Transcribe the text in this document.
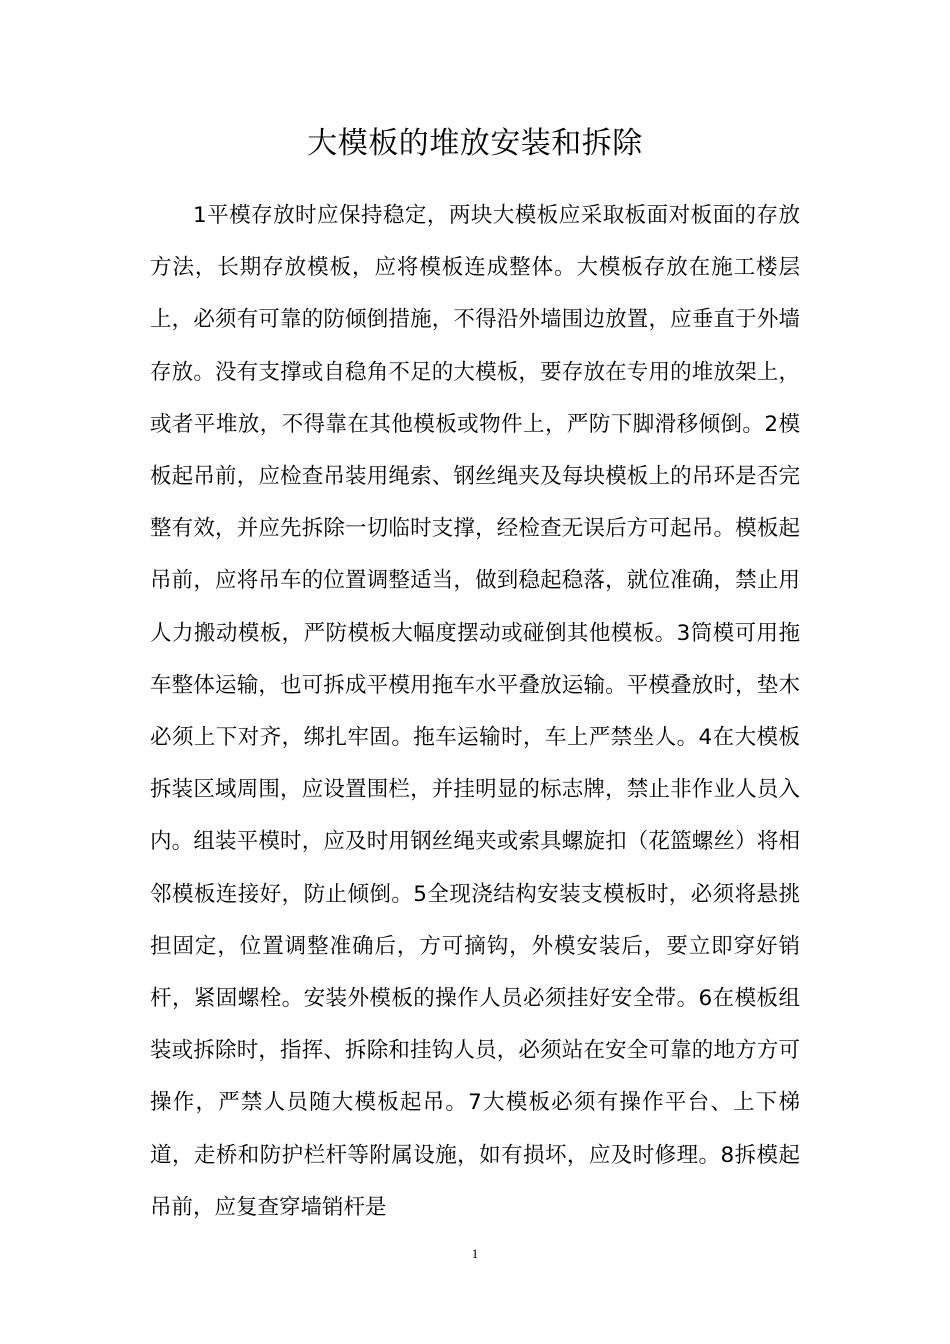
大模板的堆放安装和拆除

1平模存放时应保持稳定，两块大模板应采取板面对板面的存放方法，长期存放模板，应将模板连成整体。大模板存放在施工楼层上，必须有可靠的防倾倒措施，不得沿外墙围边放置，应垂直于外墙存放。没有支撑或自稳角不足的大模板，要存放在专用的堆放架上，或者平堆放，不得靠在其他模板或物件上，严防下脚滑移倾倒。2模板起吊前，应检查吊装用绳索、钢丝绳夹及每块模板上的吊环是否完整有效，并应先拆除一切临时支撑，经检查无误后方可起吊。模板起吊前，应将吊车的位置调整适当，做到稳起稳落，就位准确，禁止用人力搬动模板，严防模板大幅度摆动或碰倒其他模板。3筒模可用拖车整体运输，也可拆成平模用拖车水平叠放运输。平模叠放时，垫木必须上下对齐，绑扎牢固。拖车运输时，车上严禁坐人。4在大模板拆装区域周围，应设置围栏，并挂明显的标志牌，禁止非作业人员入内。组装平模时，应及时用钢丝绳夹或索具螺旋扣（花篮螺丝）将相邻模板连接好，防止倾倒。5全现浇结构安装支模板时，必须将悬挑担固定，位置调整准确后，方可摘钩，外模安装后，要立即穿好销杆，紧固螺栓。安装外模板的操作人员必须挂好安全带。6在模板组装或拆除时，指挥、拆除和挂钩人员，必须站在安全可靠的地方方可操作，严禁人员随大模板起吊。7大模板必须有操作平台、上下梯道，走桥和防护栏杆等附属设施，如有损坏，应及时修理。8拆模起吊前，应复查穿墙销杆是

1
